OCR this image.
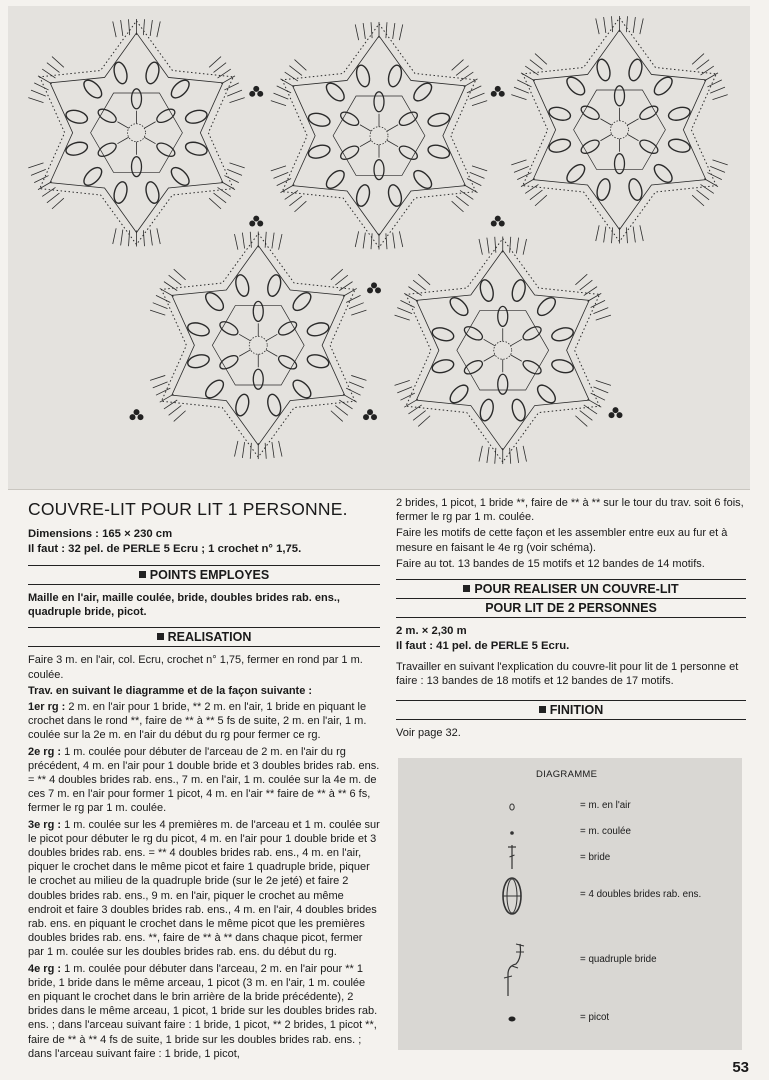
COUVRE-LIT POUR LIT 1 PERSONNE.
Dimensions : 165 × 230 cm
Il faut : 32 pel. de PERLE 5 Ecru ; 1 crochet n° 1,75.
POINTS EMPLOYES
Maille en l'air, maille coulée, bride, doubles brides rab. ens., quadruple bride, picot.
REALISATION

Faire 3 m. en l'air, col. Ecru, crochet n° 1,75, fermer en rond par 1 m. coulée.

Trav. en suivant le diagramme et de la façon suivante :

1er rg : 2 m. en l'air pour 1 bride, ** 2 m. en l'air, 1 bride en piquant le crochet dans le rond **, faire de ** à ** 5 fs de suite, 2 m. en l'air, 1 m. coulée sur la 2e m. en l'air du début du rg pour fermer ce rg.

2e rg : 1 m. coulée pour débuter de l'arceau de 2 m. en l'air du rg précédent, 4 m. en l'air pour 1 double bride et 3 doubles brides rab. ens. = ** 4 doubles brides rab. ens., 7 m. en l'air, 1 m. coulée sur la 4e m. de ces 7 m. en l'air pour former 1 picot, 4 m. en l'air ** faire de ** à ** 6 fs, fermer le rg par 1 m. coulée.

3e rg : 1 m. coulée sur les 4 premières m. de l'arceau et 1 m. coulée sur le picot pour débuter le rg du picot, 4 m. en l'air pour 1 double bride et 3 doubles brides rab. ens. = ** 4 doubles brides rab. ens., 4 m. en l'air, piquer le crochet dans le même picot et faire 1 quadruple bride, piquer le crochet au milieu de la quadruple bride (sur le 2e jeté) et faire 2 doubles brides rab. ens., 9 m. en l'air, piquer le crochet au même endroit et faire 3 doubles brides rab. ens., 4 m. en l'air, 4 doubles brides rab. ens. en piquant le crochet dans le même picot que les premières doubles brides rab. ens. **, faire de ** à ** dans chaque picot, fermer par 1 m. coulée sur les doubles brides rab. ens. du début du rg.

4e rg : 1 m. coulée pour débuter dans l'arceau, 2 m. en l'air pour ** 1 bride, 1 bride dans le même arceau, 1 picot (3 m. en l'air, 1 m. coulée en piquant le crochet dans le brin arrière de la bride précédente), 2 brides dans le même arceau, 1 picot, 1 bride sur les doubles brides rab. ens. ; dans l'arceau suivant faire : 1 bride, 1 picot, ** 2 brides, 1 picot **, faire de ** à ** 4 fs de suite, 1 bride sur les doubles brides rab. ens. ; dans l'arceau suivant faire : 1 bride, 1 picot,

2 brides, 1 picot, 1 bride **, faire de ** à ** sur le tour du trav. soit 6 fois, fermer le rg par 1 m. coulée.

Faire les motifs de cette façon et les assembler entre eux au fur et à mesure en faisant le 4e rg (voir schéma).

Faire au tot. 13 bandes de 15 motifs et 12 bandes de 14 motifs.

POUR REALISER UN COUVRE-LIT
POUR LIT DE 2 PERSONNES
2 m. × 2,30 m
Il faut : 41 pel. de PERLE 5 Ecru.
Travailler en suivant l'explication du couvre-lit pour lit de 1 personne et faire : 13 bandes de 18 motifs et 12 bandes de 17 motifs.
FINITION
Voir page 32.
DIAGRAMME
= m. en l'air
= m. coulée
= bride
= 4 doubles brides rab. ens.
= quadruple bride
= picot
53
